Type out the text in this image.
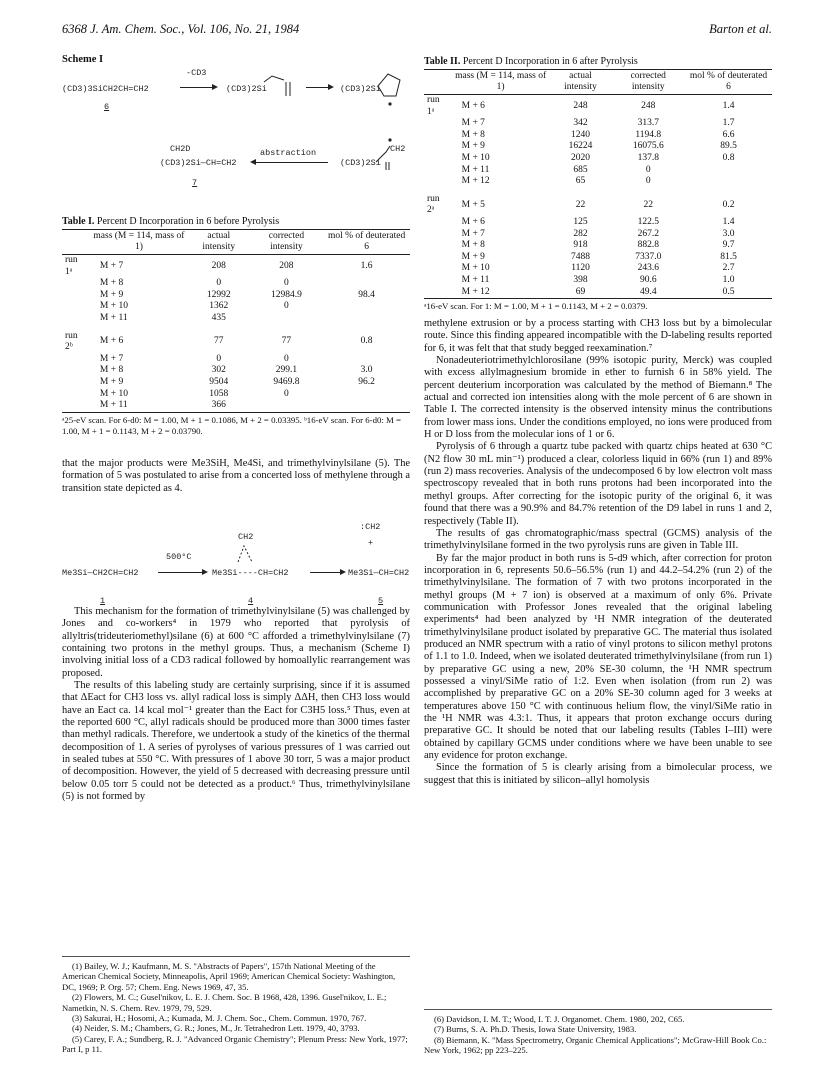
6368 J. Am. Chem. Soc., Vol. 106, No. 21, 1984	Barton et al.
Scheme I
(CD3)3SiCH2CH=CH2
6
-CD3
→ (CD3)2Si → (CD3)2Si
CH2D
(CD3)2Si—CH=CH2
7
abstraction
(CD3)2Si
CH2

Table I. Percent D Incorporation in 6 before Pyrolysis

	mass (M = 114, mass of 1)	actual intensity	corrected intensity	mol % of deuterated 6
run 1ᵃ	M + 7	208	208	1.6
	M + 8	0	0	
	M + 9	12992	12984.9	98.4
	M + 10	1362	0	
	M + 11	435		
run 2ᵇ	M + 6	77	77	0.8
	M + 7	0	0	
	M + 8	302	299.1	3.0
	M + 9	9504	9469.8	96.2
	M + 10	1058	0	
	M + 11	366		

ᵃ25-eV scan. For 6-d0: M = 1.00, M + 1 = 0.1086, M + 2 = 0.03395. ᵇ16-eV scan. For 6-d0: M = 1.00, M + 1 = 0.1143, M + 2 = 0.03790.

that the major products were Me3SiH, Me4Si, and trimethylvinylsilane (5). The formation of 5 was postulated to arise from a concerted loss of methylene through a transition state depicted as 4.

:CH2
+
CH2
500°C
Me3Si—CH2CH=CH2 → Me3Si----CH=CH2 → Me3Si—CH=CH2
1	4	5

This mechanism for the formation of trimethylvinylsilane (5) was challenged by Jones and co-workers⁴ in 1979 who reported that pyrolysis of allyltris(trideuteriomethyl)silane (6) at 600 °C afforded a trimethylvinylsilane (7) containing two protons in the methyl groups. Thus, a mechanism (Scheme I) involving initial loss of a CD3 radical followed by homoallylic rearrangement was proposed.

The results of this labeling study are certainly surprising, since if it is assumed that ΔEact for CH3 loss vs. allyl radical loss is simply ΔΔH, then CH3 loss would have an Eact ca. 14 kcal mol⁻¹ greater than the Eact for C3H5 loss.⁵ Thus, even at the reported 600 °C, allyl radicals should be produced more than 3000 times faster than methyl radicals. Therefore, we undertook a study of the kinetics of the thermal decomposition of 1. A series of pyrolyses of various pressures of 1 was carried out in sealed tubes at 550 °C. With pressures of 1 above 30 torr, 5 was a major product of decomposition. However, the yield of 5 decreased with decreasing pressure until below 0.05 torr 5 could not be detected as a product.⁶ Thus, trimethylvinylsilane (5) is not formed by

(1) Bailey, W. J.; Kaufmann, M. S. "Abstracts of Papers", 157th National Meeting of the American Chemical Society, Minneapolis, April 1969; American Chemical Society: Washington, DC, 1969; P. Org. 57; Chem. Eng. News 1969, 47, 35.

(2) Flowers, M. C.; Gusel'nikov, L. E. J. Chem. Soc. B 1968, 428, 1396. Gusel'nikov, L. E.; Nametkin, N. S. Chem. Rev. 1979, 79, 529.

(3) Sakurai, H.; Hosomi, A.; Kumada, M. J. Chem. Soc., Chem. Commun. 1970, 767.

(4) Neider, S. M.; Chambers, G. R.; Jones, M., Jr. Tetrahedron Lett. 1979, 40, 3793.

(5) Carey, F. A.; Sundberg, R. J. "Advanced Organic Chemistry"; Plenum Press: New York, 1977; Part I, p 11.

Table II. Percent D Incorporation in 6 after Pyrolysis

	mass (M = 114, mass of 1)	actual intensity	corrected intensity	mol % of deuterated 6
run 1ᵃ	M + 6	248	248	1.4
	M + 7	342	313.7	1.7
	M + 8	1240	1194.8	6.6
	M + 9	16224	16075.6	89.5
	M + 10	2020	137.8	0.8
	M + 11	685	0	
	M + 12	65	0	
run 2ᵃ	M + 5	22	22	0.2
	M + 6	125	122.5	1.4
	M + 7	282	267.2	3.0
	M + 8	918	882.8	9.7
	M + 9	7488	7337.0	81.5
	M + 10	1120	243.6	2.7
	M + 11	398	90.6	1.0
	M + 12	69	49.4	0.5

ᵃ16-eV scan. For 1: M = 1.00, M + 1 = 0.1143, M + 2 = 0.0379.

methylene extrusion or by a process starting with CH3 loss but by a bimolecular route. Since this finding appeared incompatible with the D-labeling results reported for 6, it was felt that that study begged reexamination.⁷

Nonadeuteriotrimethylchlorosilane (99% isotopic purity, Merck) was coupled with excess allylmagnesium bromide in ether to furnish 6 in 58% yield. The percent deuterium incorporation was calculated by the method of Biemann.⁸ The actual and corrected ion intensities along with the mole percent of 6 are shown in Table I. The corrected intensity is the observed intensity minus the contributions from lower mass ions. Under the conditions employed, no ions were produced from H or D loss from the molecular ions of 1 or 6.

Pyrolysis of 6 through a quartz tube packed with quartz chips heated at 630 °C (N2 flow 30 mL min⁻¹) produced a clear, colorless liquid in 66% (run 1) and 89% (run 2) mass recoveries. Analysis of the undecomposed 6 by low electron volt mass spectroscopy revealed that in both runs protons had been incorporated into the methyl groups. After correcting for the isotopic purity of the original 6, it was found that there was a 90.9% and 84.7% retention of the D9 label in runs 1 and 2, respectively (Table II).

The results of gas chromatographic/mass spectral (GCMS) analysis of the trimethylvinylsilane formed in the two pyrolysis runs are given in Table III.

By far the major product in both runs is 5-d9 which, after correction for proton incorporation in 6, represents 50.6–56.5% (run 1) and 44.2–54.2% (run 2) of the trimethylvinylsilane. The formation of 7 with two protons incorporated in the methyl groups (M + 7 ion) is observed at a maximum of only 6%. Private communication with Professor Jones revealed that the original labeling experiments⁴ had been analyzed by ¹H NMR integration of the deuterated trimethylvinylsilane product isolated by preparative GC. The material thus isolated produced an NMR spectrum with a ratio of vinyl protons to silicon methyl protons of 1.1 to 1.0. Indeed, when we isolated deuterated trimethylvinylsilane (from run 1) by preparative GC using a new, 20% SE-30 column, the ¹H NMR spectrum possessed a vinyl/SiMe ratio of 1:2. Even when isolation (from run 2) was accomplished by preparative GC on a 20% SE-30 column aged for 3 weeks at temperatures above 150 °C with continuous helium flow, the vinyl/SiMe ratio in the ¹H NMR was 4.3:1. Thus, it appears that proton exchange occurs during preparative GC. It should be noted that our labeling results (Tables I–III) were obtained by capillary GCMS under conditions where we have been unable to see any evidence for proton exchange.

Since the formation of 5 is clearly arising from a bimolecular process, we suggest that this is initiated by silicon–allyl homolysis

(6) Davidson, I. M. T.; Wood, I. T. J. Organomet. Chem. 1980, 202, C65.

(7) Burns, S. A. Ph.D. Thesis, Iowa State University, 1983.

(8) Biemann, K. "Mass Spectrometry, Organic Chemical Applications"; McGraw-Hill Book Co.: New York, 1962; pp 223–225.
